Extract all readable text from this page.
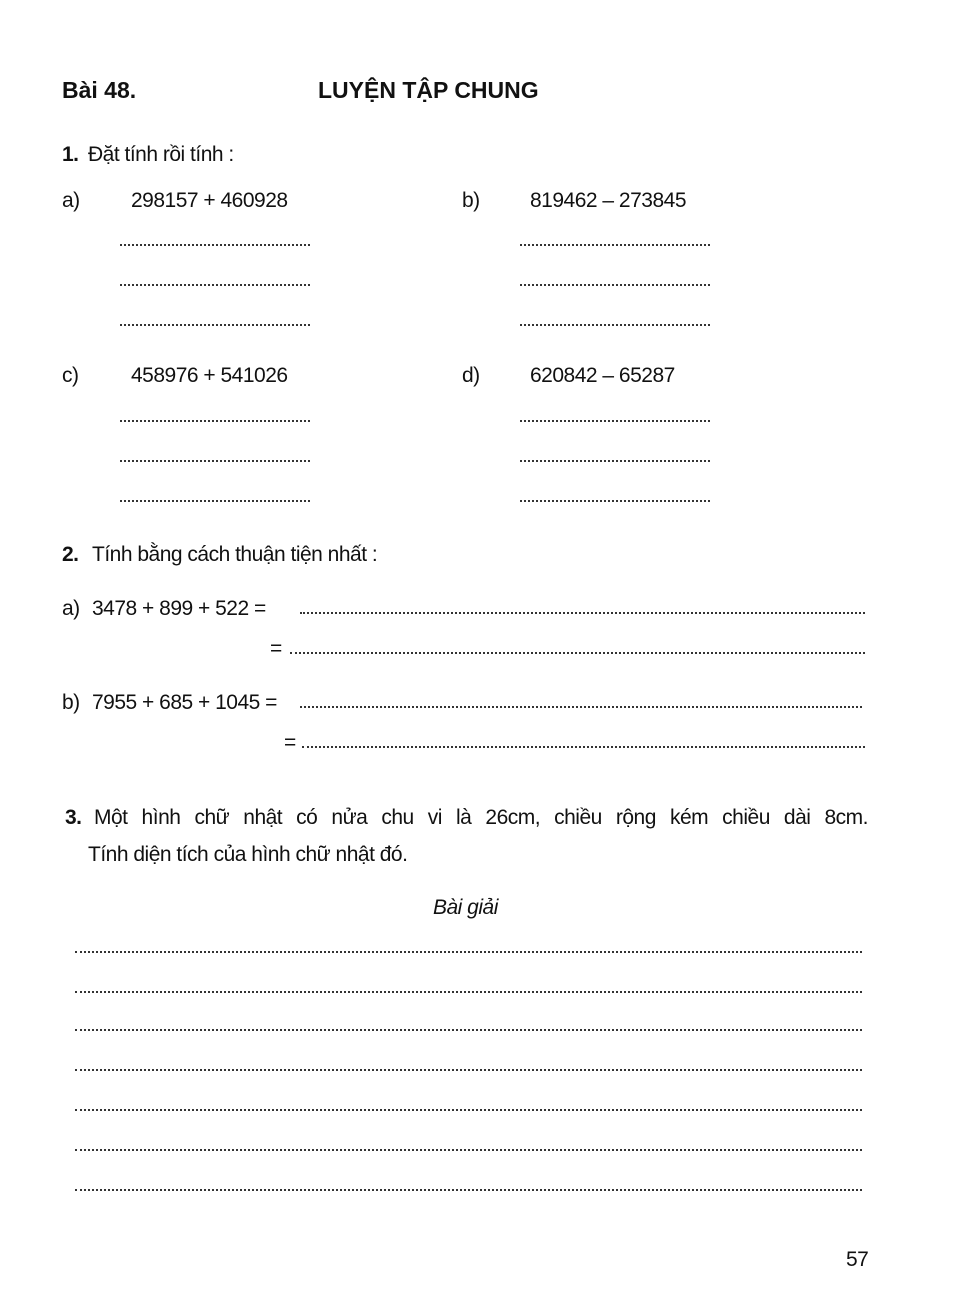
Bài 48.	LUYỆN TẬP CHUNG
1. Đặt tính rồi tính :
a) 298157 + 460928	b) 819462 – 273845
c)	458976 + 541026	d) 620842 – 65287
2. Tính bằng cách thuận tiện nhất :
a) 3478 + 899 + 522 =
=
b) 7955 + 685 + 1045 =
=
3. Một hình chữ nhật có nửa chu vi là 26cm, chiều rộng kém chiều dài 8cm.
Tính diện tích của hình chữ nhật đó.
Bài giải
57
